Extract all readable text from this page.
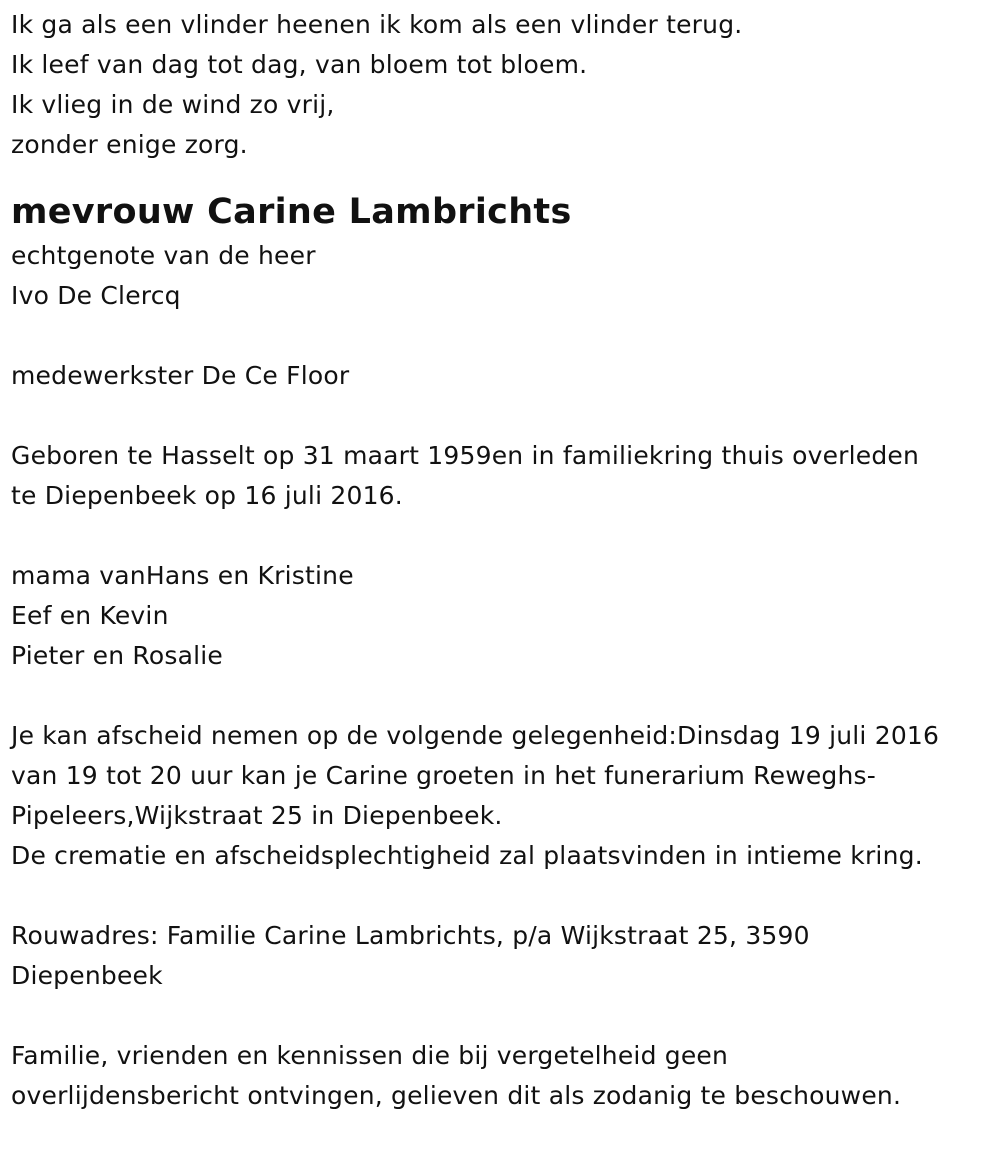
Ik ga als een vlinder heenen ik kom als een vlinder terug.
Ik leef van dag tot dag, van bloem tot bloem.
Ik vlieg in de wind zo vrij,
zonder enige zorg.
mevrouw Carine Lambrichts
echtgenote van de heer
Ivo De Clercq
medewerkster De Ce Floor
Geboren te Hasselt op 31 maart 1959en in familiekring thuis overleden
te Diepenbeek op 16 juli 2016.
mama vanHans en Kristine
Eef en Kevin
Pieter en Rosalie
Je kan afscheid nemen op de volgende gelegenheid:Dinsdag 19 juli 2016
van 19 tot 20 uur kan je Carine groeten in het funerarium Reweghs-
Pipeleers,Wijkstraat 25 in Diepenbeek.
De crematie en afscheidsplechtigheid zal plaatsvinden in intieme kring.
Rouwadres: Familie Carine Lambrichts, p/a Wijkstraat 25, 3590
Diepenbeek
Familie, vrienden en kennissen die bij vergetelheid geen
overlijdensbericht ontvingen, gelieven dit als zodanig te beschouwen.
